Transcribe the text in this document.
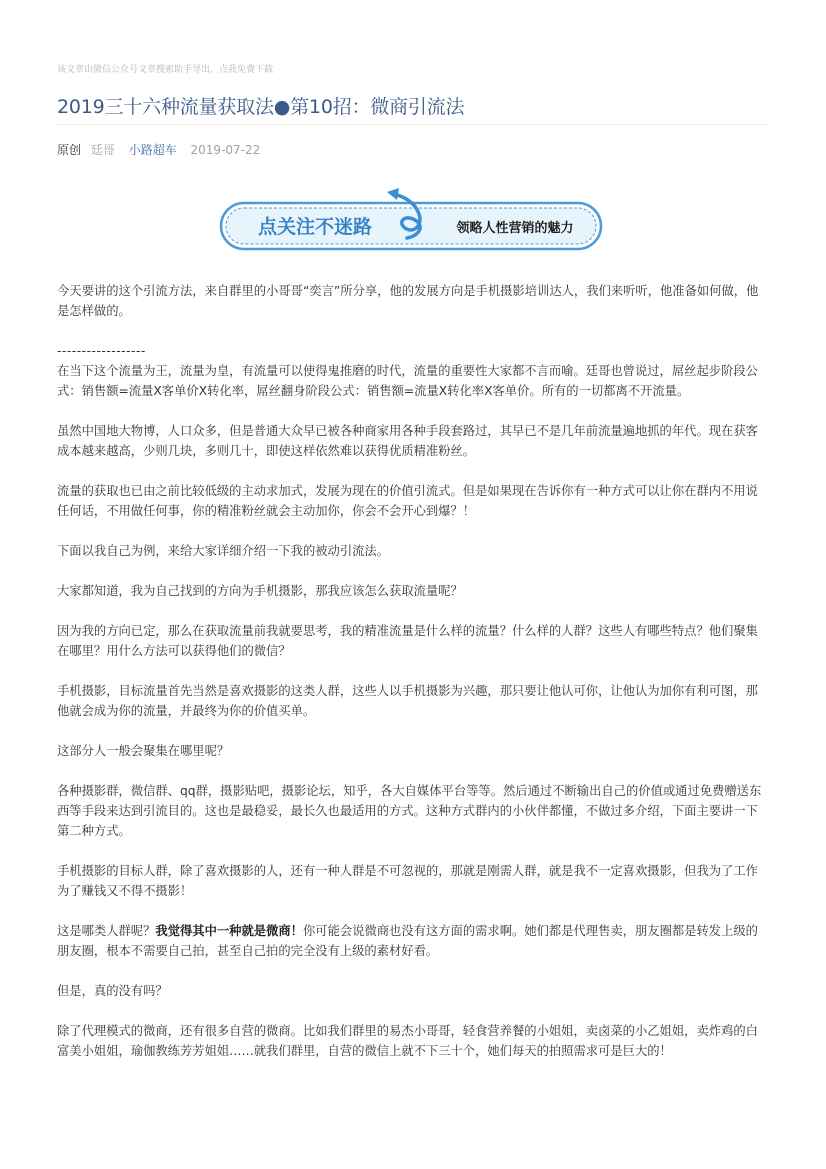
该文章由微信公众号文章搜索助手导出，点我免费下载
2019三十六种流量获取法●第10招：微商引流法
原创 廷哥 小路超车 2019-07-22
点关注不迷路	领略人性营销的魅力

今天要讲的这个引流方法，来自群里的小哥哥“奕言”所分享，他的发展方向是手机摄影培训达人，我们来听听，他准备如何做，他是怎样做的。

------------------

在当下这个流量为王，流量为皇，有流量可以使得鬼推磨的时代，流量的重要性大家都不言而喻。廷哥也曾说过，屌丝起步阶段公式：销售额=流量X客单价X转化率，屌丝翻身阶段公式：销售额=流量X转化率X客单价。所有的一切都离不开流量。

虽然中国地大物博，人口众多，但是普通大众早已被各种商家用各种手段套路过，其早已不是几年前流量遍地抓的年代。现在获客成本越来越高，少则几块，多则几十，即使这样依然难以获得优质精准粉丝。

流量的获取也已由之前比较低级的主动求加式，发展为现在的价值引流式。但是如果现在告诉你有一种方式可以让你在群内不用说任何话，不用做任何事，你的精准粉丝就会主动加你，你会不会开心到爆？！

下面以我自己为例，来给大家详细介绍一下我的被动引流法。

大家都知道，我为自己找到的方向为手机摄影，那我应该怎么获取流量呢？

因为我的方向已定，那么在获取流量前我就要思考，我的精准流量是什么样的流量？什么样的人群？这些人有哪些特点？他们聚集在哪里？用什么方法可以获得他们的微信？

手机摄影，目标流量首先当然是喜欢摄影的这类人群，这些人以手机摄影为兴趣，那只要让他认可你，让他认为加你有利可图，那他就会成为你的流量，并最终为你的价值买单。

这部分人一般会聚集在哪里呢？

各种摄影群，微信群、qq群，摄影贴吧，摄影论坛，知乎，各大自媒体平台等等。然后通过不断输出自己的价值或通过免费赠送东西等手段来达到引流目的。这也是最稳妥，最长久也最适用的方式。这种方式群内的小伙伴都懂，不做过多介绍，下面主要讲一下第二种方式。

手机摄影的目标人群，除了喜欢摄影的人，还有一种人群是不可忽视的，那就是刚需人群，就是我不一定喜欢摄影，但我为了工作为了赚钱又不得不摄影！

这是哪类人群呢？我觉得其中一种就是微商！你可能会说微商也没有这方面的需求啊。她们都是代理售卖，朋友圈都是转发上级的朋友圈，根本不需要自己拍，甚至自己拍的完全没有上级的素材好看。

但是，真的没有吗？

除了代理模式的微商，还有很多自营的微商。比如我们群里的易杰小哥哥，轻食营养餐的小姐姐，卖卤菜的小乙姐姐，卖炸鸡的白富美小姐姐，瑜伽教练芳芳姐姐……就我们群里，自营的微信上就不下三十个，她们每天的拍照需求可是巨大的！
